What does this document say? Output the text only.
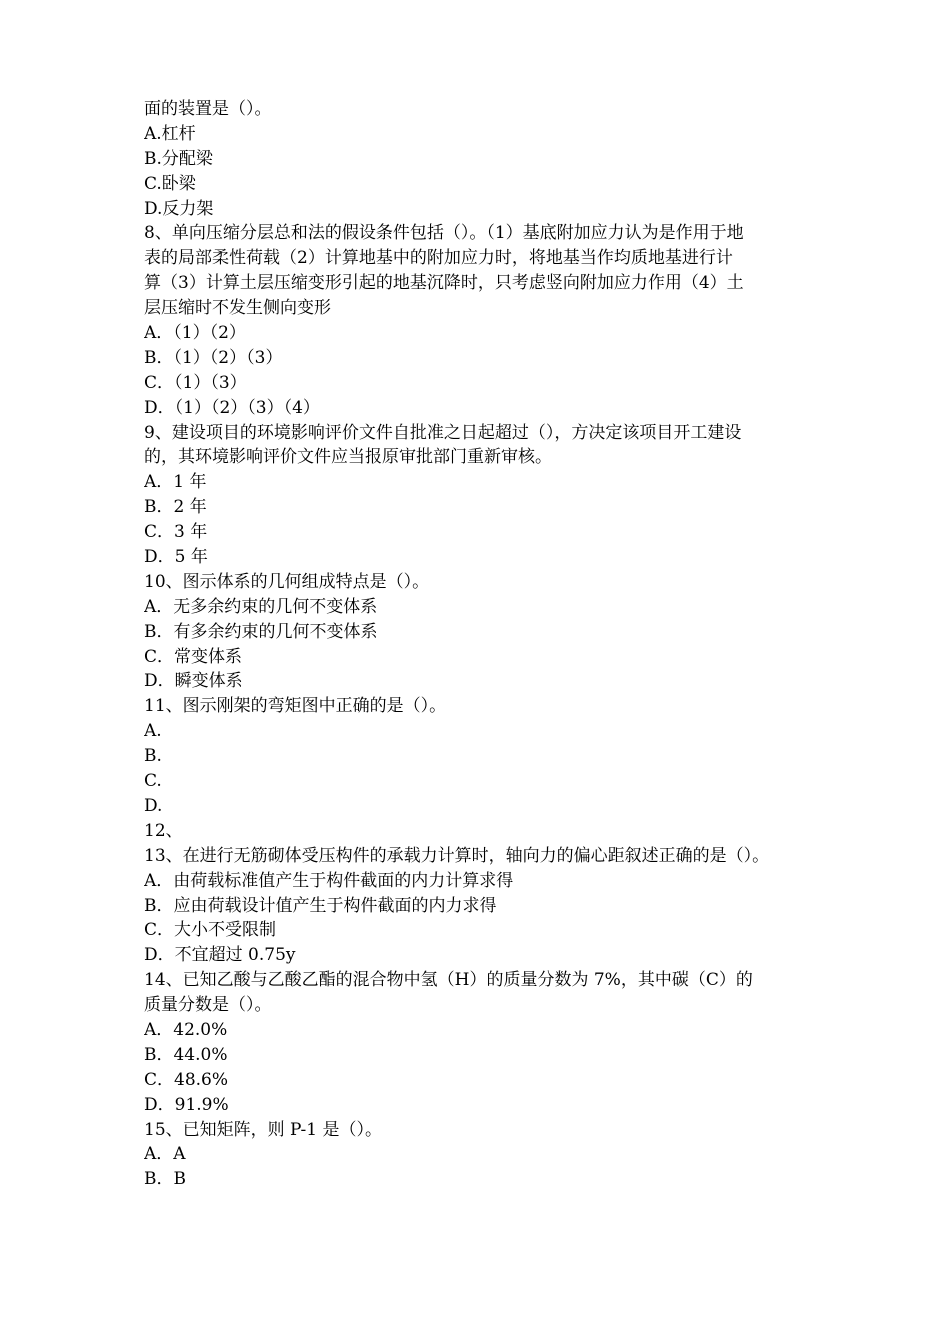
面的装置是（）。
A.杠杆
B.分配梁
C.卧梁
D.反力架
8、单向压缩分层总和法的假设条件包括（）。（1）基底附加应力认为是作用于地
表的局部柔性荷载（2）计算地基中的附加应力时，将地基当作均质地基进行计
算（3）计算土层压缩变形引起的地基沉降时，只考虑竖向附加应力作用（4）土
层压缩时不发生侧向变形
A．（1）（2）
B．（1）（2）（3）
C．（1）（3）
D．（1）（2）（3）（4）
9、建设项目的环境影响评价文件自批准之日起超过（），方决定该项目开工建设
的，其环境影响评价文件应当报原审批部门重新审核。
A．1 年
B．2 年
C．3 年
D．5 年
10、图示体系的几何组成特点是（）。
A．无多余约束的几何不变体系
B．有多余约束的几何不变体系
C．常变体系
D．瞬变体系
11、图示刚架的弯矩图中正确的是（）。
A.
B.
C.
D.
12、
13、在进行无筋砌体受压构件的承载力计算时，轴向力的偏心距叙述正确的是（）。
A．由荷载标准值产生于构件截面的内力计算求得
B．应由荷载设计值产生于构件截面的内力求得
C．大小不受限制
D．不宜超过 0.75y
14、已知乙酸与乙酸乙酯的混合物中氢（H）的质量分数为 7%，其中碳（C）的
质量分数是（）。
A．42.0%
B．44.0%
C．48.6%
D．91.9%
15、已知矩阵，则 P-1 是（）。
A．A
B．B
